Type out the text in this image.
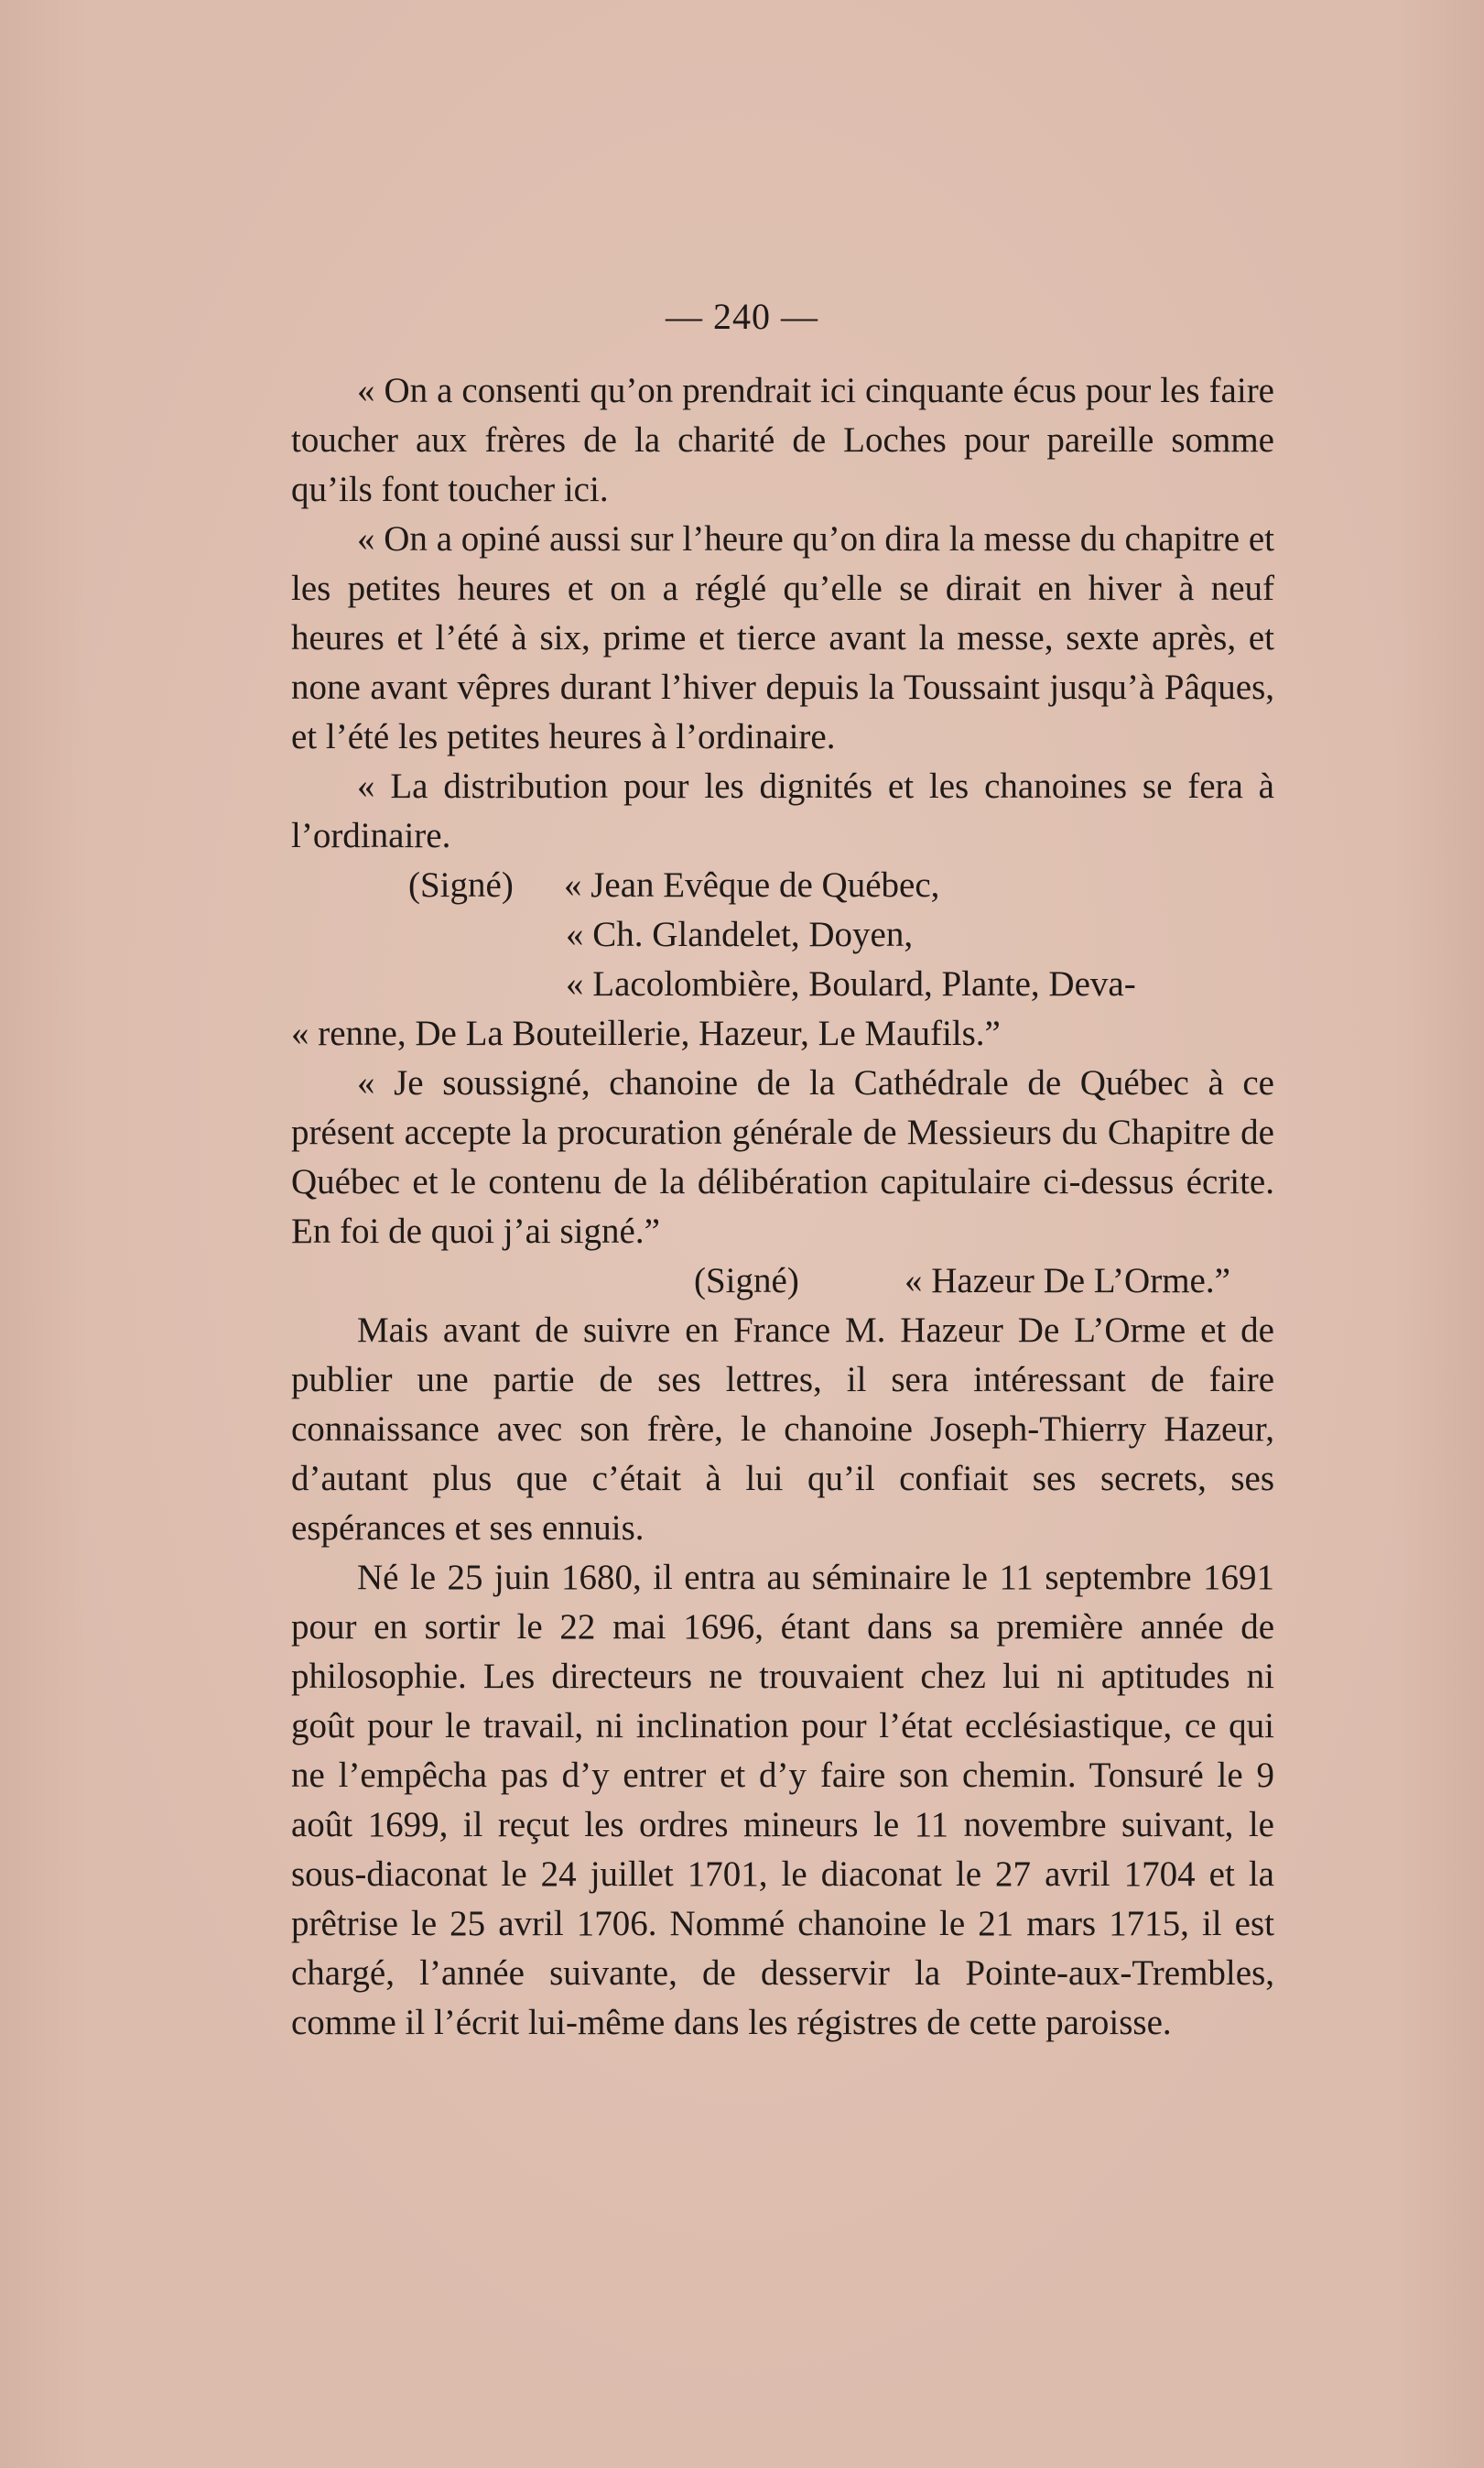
— 240 —

« On a consenti qu’on prendrait ici cinquante écus pour les faire toucher aux frères de la charité de Loches pour pareille somme qu’ils font toucher ici.

« On a opiné aussi sur l’heure qu’on dira la messe du chapitre et les petites heures et on a réglé qu’elle se dirait en hiver à neuf heures et l’été à six, prime et tierce avant la messe, sexte après, et none avant vêpres durant l’hiver depuis la Toussaint jusqu’à Pâques, et l’été les petites heures à l’ordinaire.

« La distribution pour les dignités et les chanoines se fera à l’ordinaire.

(Signé) « Jean Evêque de Québec,

« Ch. Glandelet, Doyen,

« Lacolombière, Boulard, Plante, Deva-

« renne, De La Bouteillerie, Hazeur, Le Maufils.”

« Je soussigné, chanoine de la Cathédrale de Québec à ce présent accepte la procuration générale de Messieurs du Chapitre de Québec et le contenu de la délibération capitulaire ci-dessus écrite. En foi de quoi j’ai signé.”

(Signé)	« Hazeur De L’Orme.”

Mais avant de suivre en France M. Hazeur De L’Orme et de publier une partie de ses lettres, il sera intéressant de faire connaissance avec son frère, le chanoine Joseph-Thierry Hazeur, d’autant plus que c’était à lui qu’il confiait ses secrets, ses espérances et ses ennuis.

Né le 25 juin 1680, il entra au séminaire le 11 septembre 1691 pour en sortir le 22 mai 1696, étant dans sa première année de philosophie. Les directeurs ne trouvaient chez lui ni aptitudes ni goût pour le travail, ni inclination pour l’état ecclésiastique, ce qui ne l’empêcha pas d’y entrer et d’y faire son chemin. Tonsuré le 9 août 1699, il reçut les ordres mineurs le 11 novembre suivant, le sous-diaconat le 24 juillet 1701, le diaconat le 27 avril 1704 et la prêtrise le 25 avril 1706. Nommé chanoine le 21 mars 1715, il est chargé, l’année suivante, de desservir la Pointe-aux-Trembles, comme il l’écrit lui-même dans les régistres de cette paroisse.
